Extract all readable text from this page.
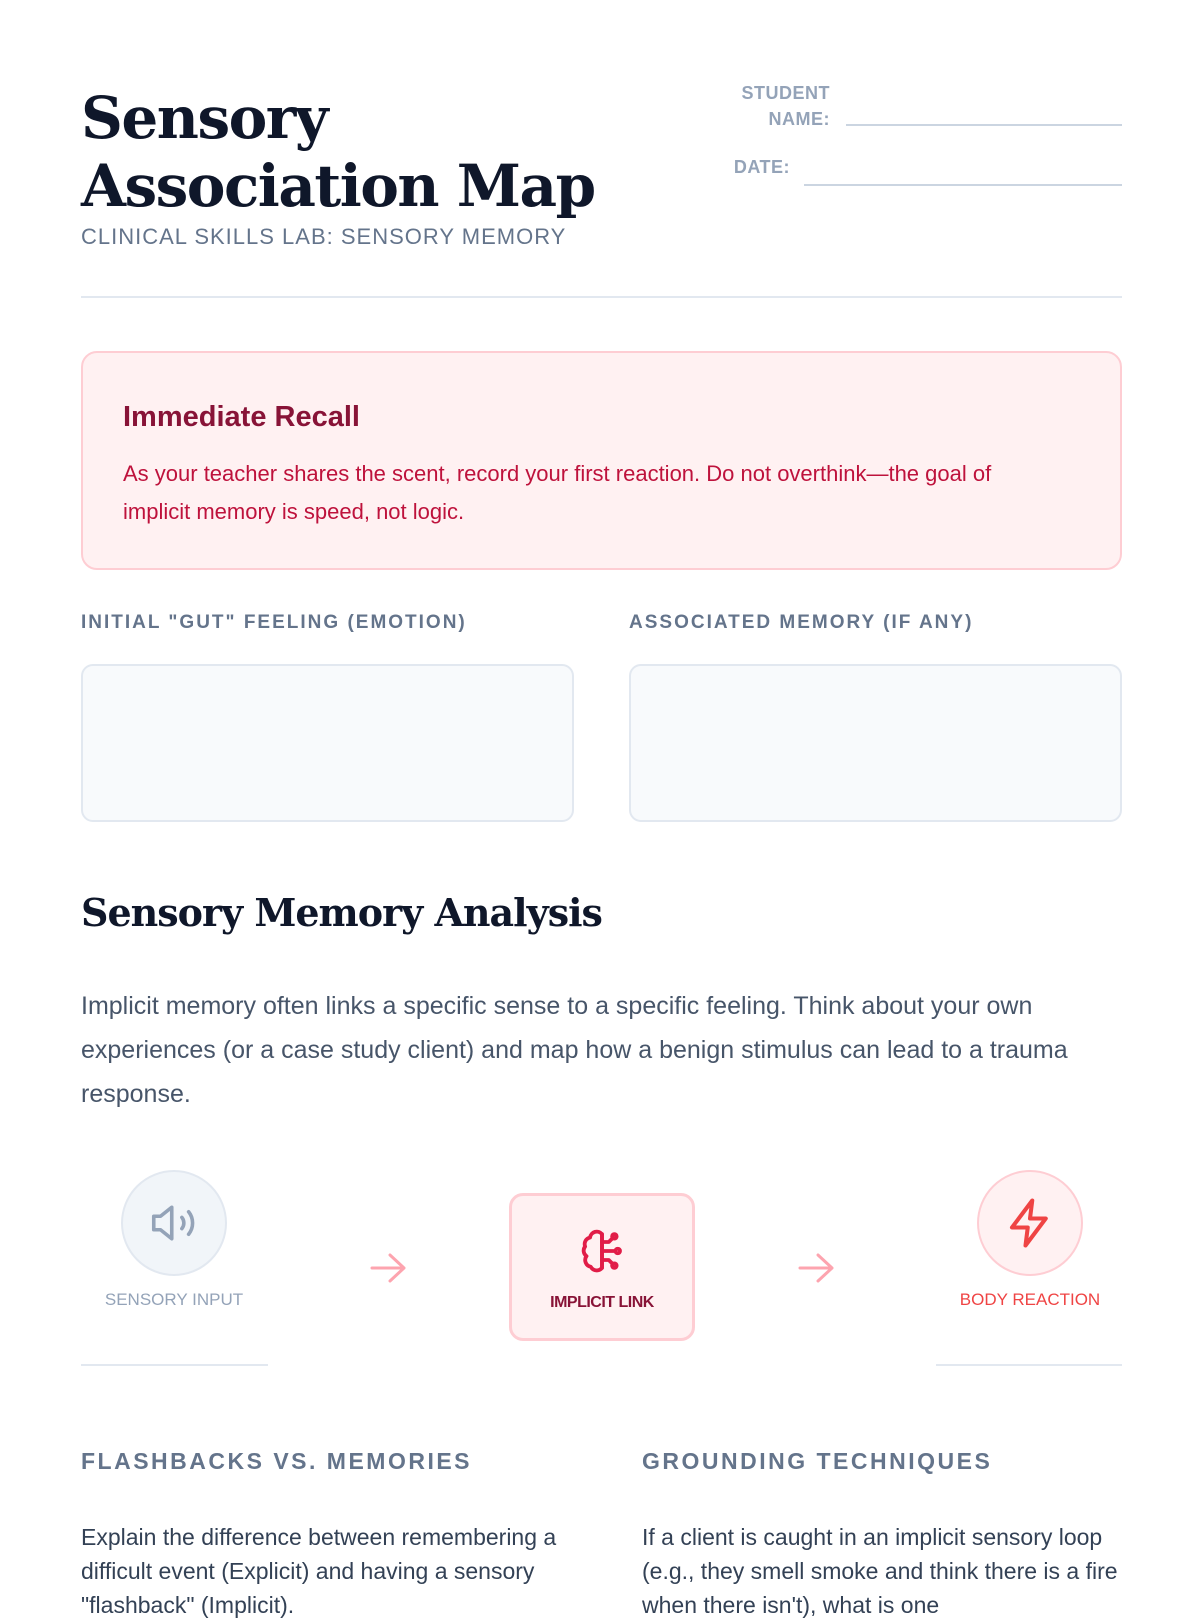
Sensory Association Map
CLINICAL SKILLS LAB: SENSORY MEMORY
STUDENT NAME:
DATE:
Immediate Recall
As your teacher shares the scent, record your first reaction. Do not overthink—the goal of implicit memory is speed, not logic.
INITIAL "GUT" FEELING (EMOTION)	ASSOCIATED MEMORY (IF ANY)
Sensory Memory Analysis

Implicit memory often links a specific sense to a specific feeling. Think about your own experiences (or a case study client) and map how a benign stimulus can lead to a trauma response.

SENSORY INPUT	IMPLICIT LINK	BODY REACTION
FLASHBACKS VS. MEMORIES

Explain the difference between remembering a difficult event (Explicit) and having a sensory "flashback" (Implicit).

GROUNDING TECHNIQUES

If a client is caught in an implicit sensory loop (e.g., they smell smoke and think there is a fire when there isn't), what is one
